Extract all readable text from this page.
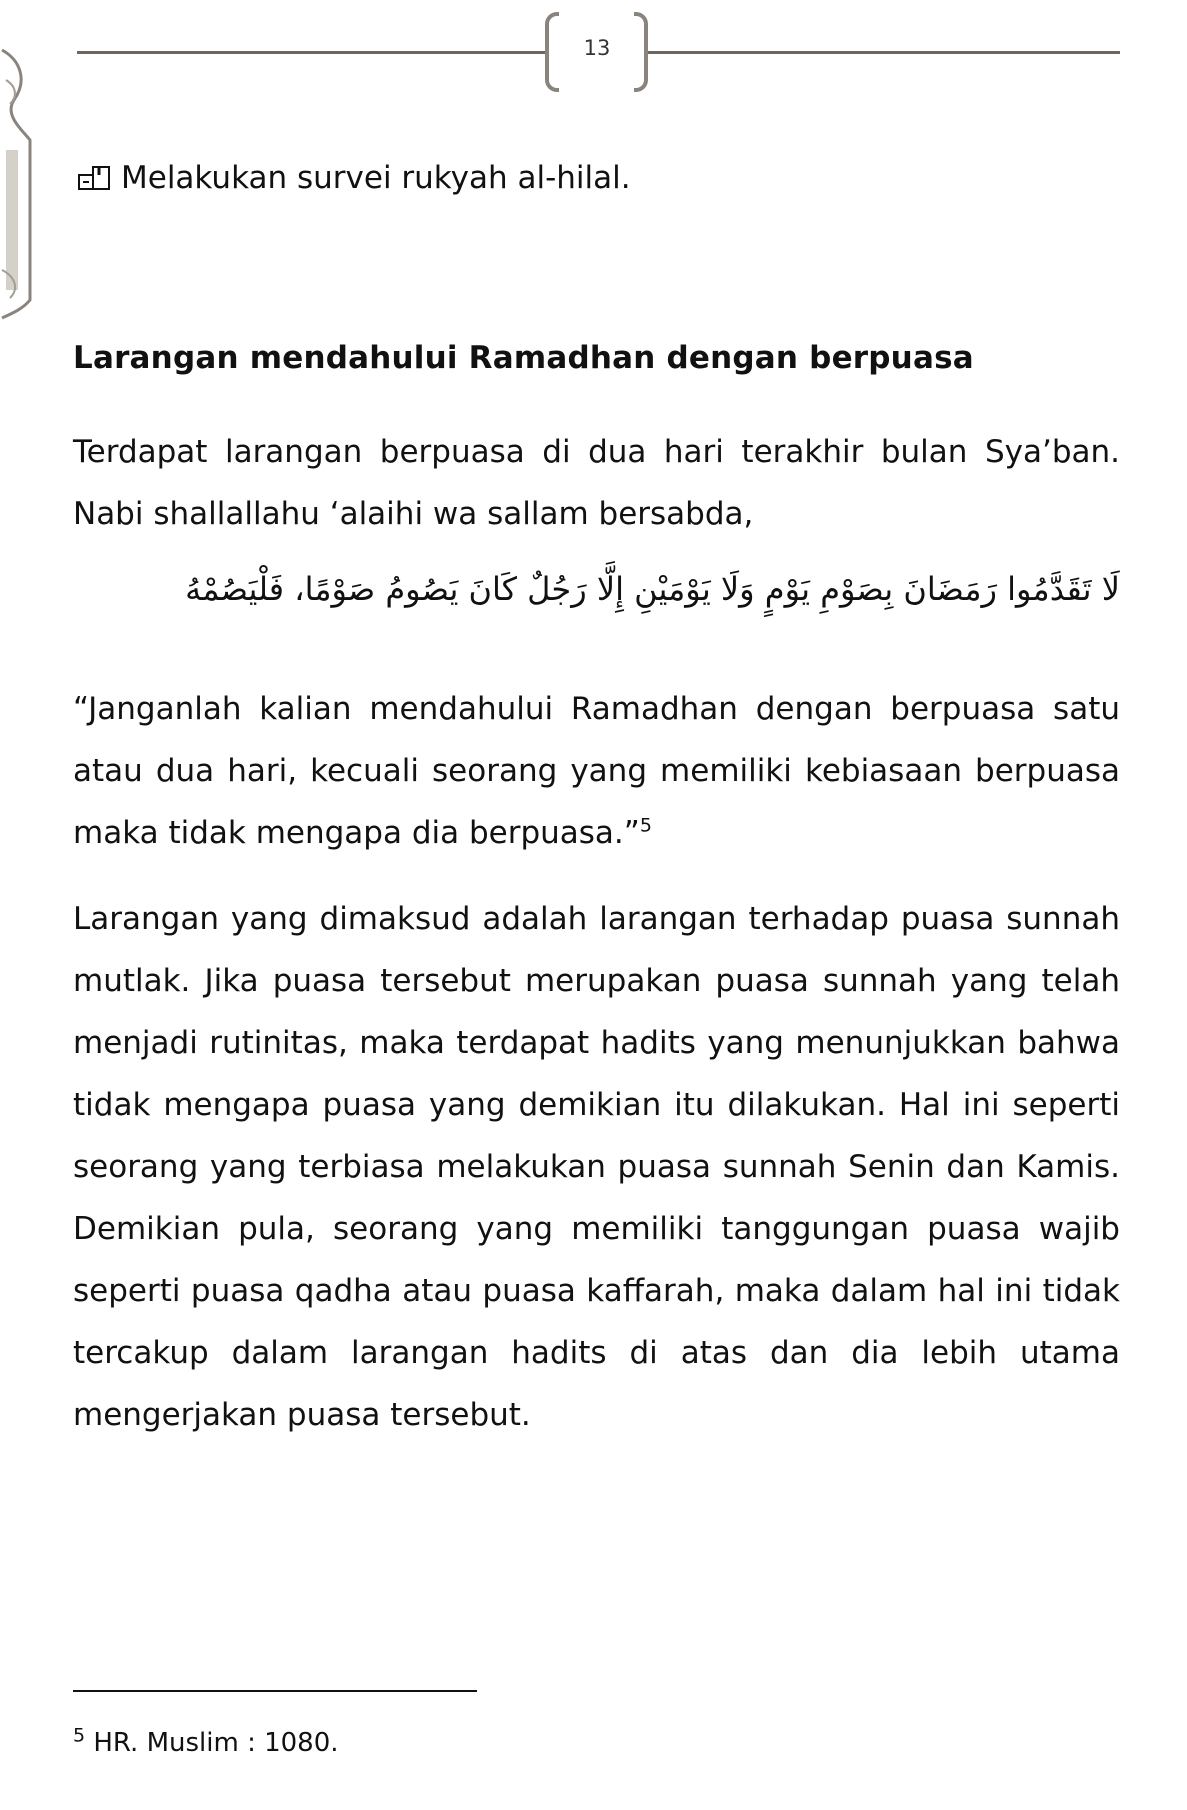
13
Melakukan survei rukyah al-hilal.
Larangan mendahului Ramadhan dengan berpuasa

Terdapat larangan berpuasa di dua hari terakhir bulan Sya’ban. Nabi shallallahu ‘alaihi wa sallam bersabda,

لَا تَقَدَّمُوا رَمَضَانَ بِصَوْمِ يَوْمٍ وَلَا يَوْمَيْنِ إِلَّا رَجُلٌ كَانَ يَصُومُ صَوْمًا، فَلْيَصُمْهُ

“Janganlah kalian mendahului Ramadhan dengan berpuasa satu atau dua hari, kecuali seorang yang memiliki kebiasaan berpuasa maka tidak mengapa dia berpuasa.”$^5$

Larangan yang dimaksud adalah larangan terhadap puasa sunnah mutlak. Jika puasa tersebut merupakan puasa sunnah yang telah menjadi rutinitas, maka terdapat hadits yang menunjukkan bahwa tidak mengapa puasa yang demikian itu dilakukan. Hal ini seperti seorang yang terbiasa melakukan puasa sunnah Senin dan Kamis. Demikian pula, seorang yang memiliki tanggungan puasa wajib seperti puasa qadha atau puasa kaffarah, maka dalam hal ini tidak tercakup dalam larangan hadits di atas dan dia lebih utama mengerjakan puasa tersebut.

$^5$ HR. Muslim : 1080.
